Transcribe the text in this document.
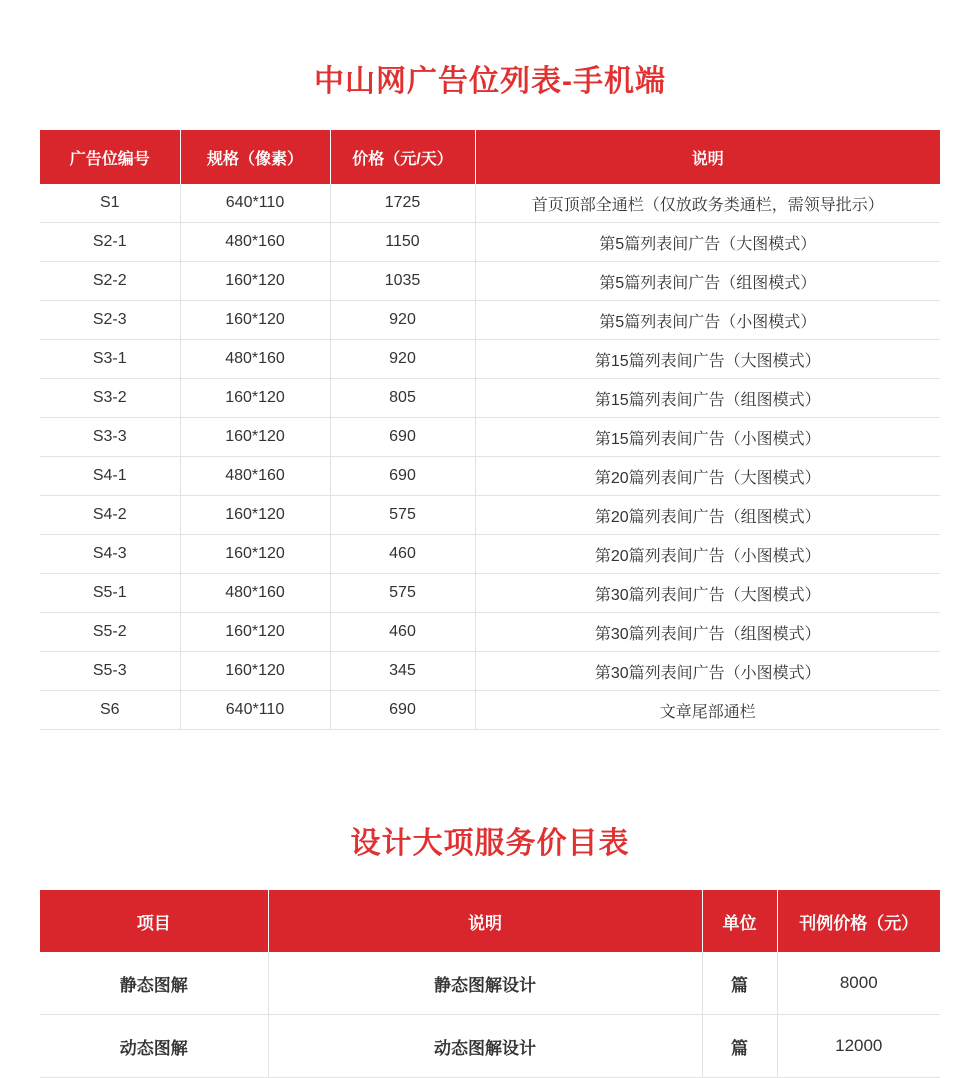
中山网广告位列表-手机端
广告位编号	规格（像素）	价格（元/天）	说明
S1	640*110	1725	首页顶部全通栏（仅放政务类通栏，需领导批示）
S2-1	480*160	1150	第5篇列表间广告（大图模式）
S2-2	160*120	1035	第5篇列表间广告（组图模式）
S2-3	160*120	920	第5篇列表间广告（小图模式）
S3-1	480*160	920	第15篇列表间广告（大图模式）
S3-2	160*120	805	第15篇列表间广告（组图模式）
S3-3	160*120	690	第15篇列表间广告（小图模式）
S4-1	480*160	690	第20篇列表间广告（大图模式）
S4-2	160*120	575	第20篇列表间广告（组图模式）
S4-3	160*120	460	第20篇列表间广告（小图模式）
S5-1	480*160	575	第30篇列表间广告（大图模式）
S5-2	160*120	460	第30篇列表间广告（组图模式）
S5-3	160*120	345	第30篇列表间广告（小图模式）
S6	640*110	690	文章尾部通栏
设计大项服务价目表
项目	说明	单位	刊例价格（元）
静态图解	静态图解设计	篇	8000
动态图解	动态图解设计	篇	12000
